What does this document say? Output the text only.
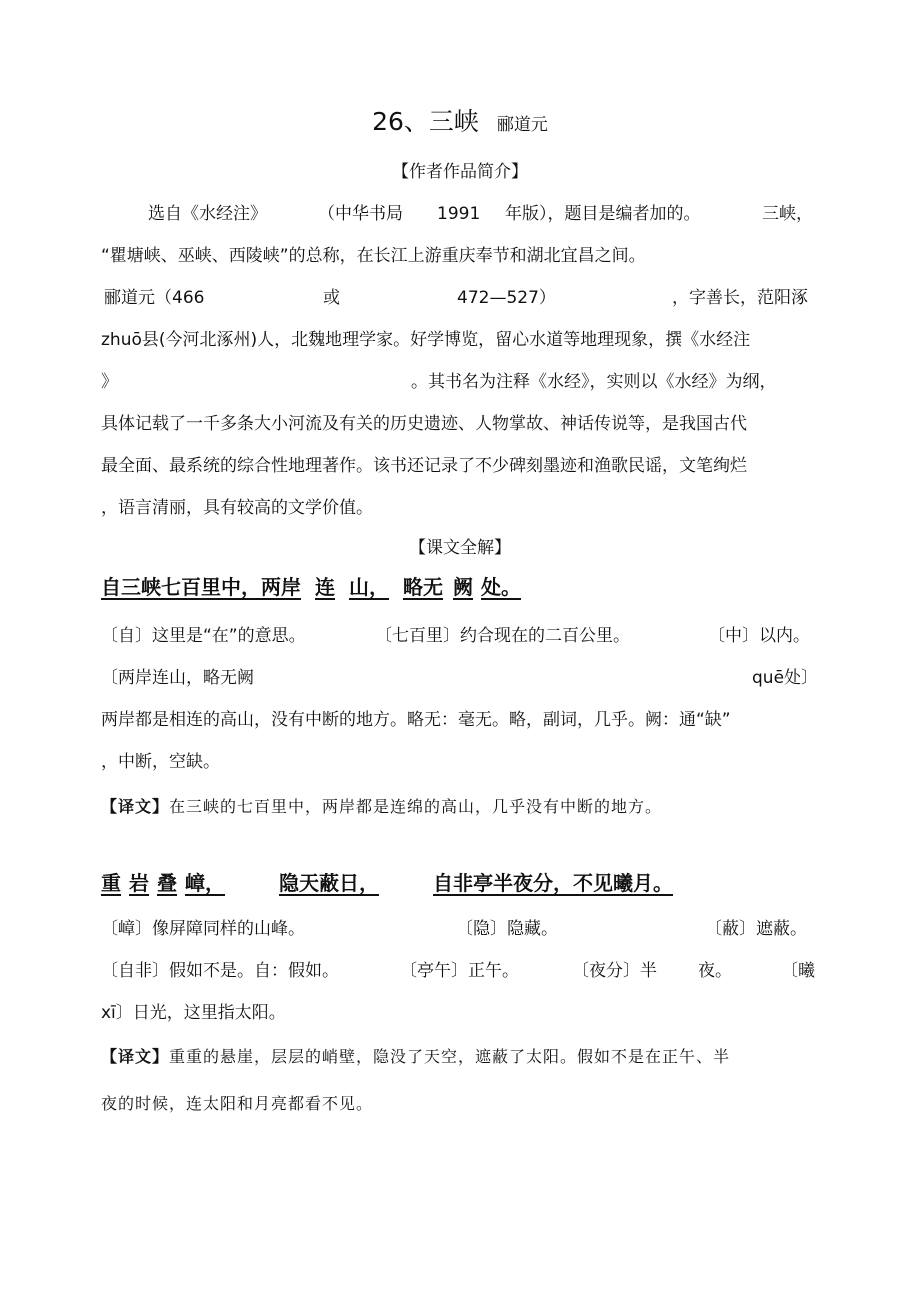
26、三峡 郦道元
【作者作品简介】
选自《水经注》	（中华书局 1991 年版），题目是编者加的。	三峡，
“瞿塘峡、巫峡、西陵峡”的总称，在长江上游重庆奉节和湖北宜昌之间。
郦道元（466	或	472—527）	，字善长，范阳涿
zhuō县(今河北涿州)人，北魏地理学家。好学博览，留心水道等地理现象，撰《水经注
》	。其书名为注释《水经》，实则以《水经》为纲，
具体记载了一千多条大小河流及有关的历史遗迹、人物掌故、神话传说等，是我国古代
最全面、最系统的综合性地理著作。该书还记录了不少碑刻墨迹和渔歌民谣，文笔绚烂
，语言清丽，具有较高的文学价值。
【课文全解】
自三峡七百里中，两岸 连 山， 略无 阙 处。
〔自〕这里是“在”的意思。	〔七百里〕约合现在的二百公里。	〔中〕以内。
〔两岸连山，略无阙	quē处〕
两岸都是相连的高山，没有中断的地方。略无：毫无。略，副词，几乎。阙：通“缺”
，中断，空缺。
【译文】在三峡的七百里中，两岸都是连绵的高山，几乎没有中断的地方。
重 岩 叠 嶂，	隐天蔽日，	自非亭半夜分，不见曦月。
〔嶂〕像屏障同样的山峰。	〔隐〕隐藏。	〔蔽〕遮蔽。
〔自非〕假如不是。自：假如。	〔亭午〕正午。	〔夜分〕半 夜。	〔曦
xī〕日光，这里指太阳。
【译文】重重的悬崖，层层的峭壁，隐没了天空，遮蔽了太阳。假如不是在正午、半
夜的时候，连太阳和月亮都看不见。
